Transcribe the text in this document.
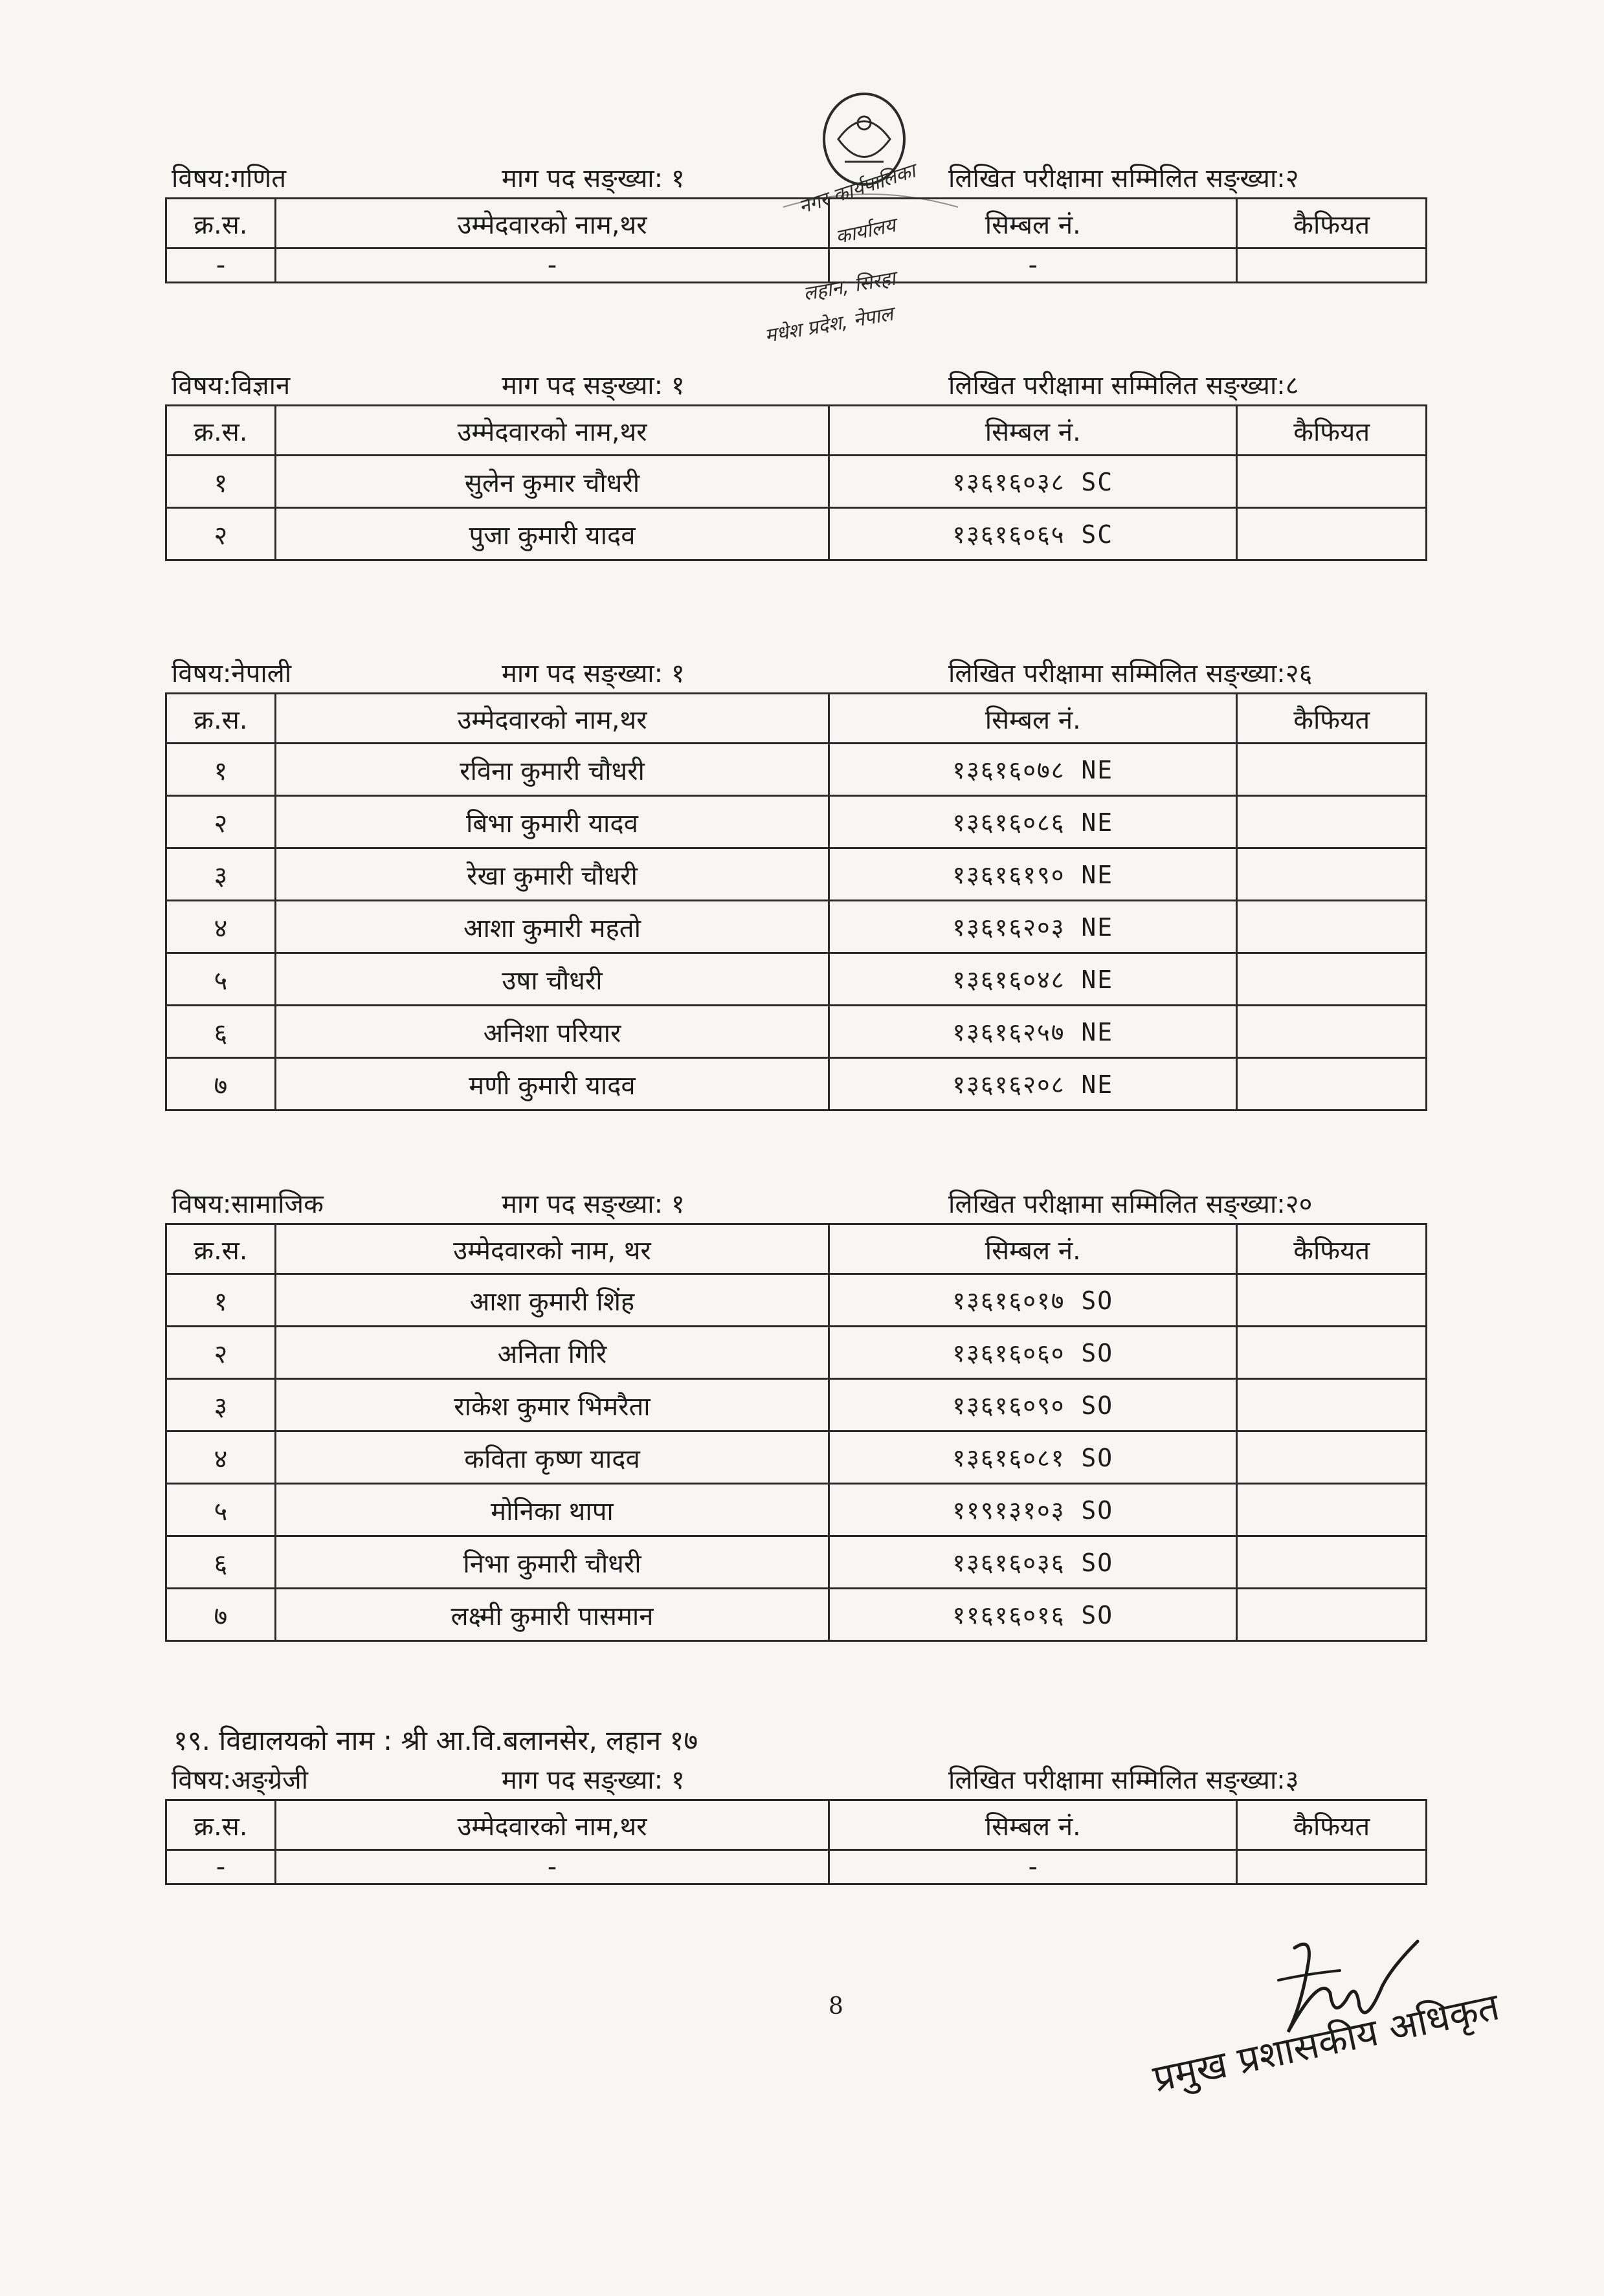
नगर कार्यपालिका
कार्यालय
लहान, सिरहा
मधेश प्रदेश, नेपाल
विषय:गणित	माग पद सङ्ख्या: १	लिखित परीक्षामा सम्मिलित सङ्ख्या:२
क्र.स.	उम्मेदवारको नाम,थर	सिम्बल नं.	कैफियत
-	-	-	
विषय:विज्ञान	माग पद सङ्ख्या: १	लिखित परीक्षामा सम्मिलित सङ्ख्या:८
क्र.स.	उम्मेदवारको नाम,थर	सिम्बल नं.	कैफियत
१	सुलेन कुमार चौधरी	१३६१६०३८ SC	
२	पुजा कुमारी यादव	१३६१६०६५ SC	
विषय:नेपाली	माग पद सङ्ख्या: १	लिखित परीक्षामा सम्मिलित सङ्ख्या:२६
क्र.स.	उम्मेदवारको नाम,थर	सिम्बल नं.	कैफियत
१	रविना कुमारी चौधरी	१३६१६०७८ NE	
२	बिभा कुमारी यादव	१३६१६०८६ NE	
३	रेखा कुमारी चौधरी	१३६१६१९० NE	
४	आशा कुमारी महतो	१३६१६२०३ NE	
५	उषा चौधरी	१३६१६०४८ NE	
६	अनिशा परियार	१३६१६२५७ NE	
७	मणी कुमारी यादव	१३६१६२०८ NE	
विषय:सामाजिक	माग पद सङ्ख्या: १	लिखित परीक्षामा सम्मिलित सङ्ख्या:२०
क्र.स.	उम्मेदवारको नाम, थर	सिम्बल नं.	कैफियत
१	आशा कुमारी शिंह	१३६१६०१७ SO	
२	अनिता गिरि	१३६१६०६० SO	
३	राकेश कुमार भिमरैता	१३६१६०९० SO	
४	कविता कृष्ण यादव	१३६१६०८१ SO	
५	मोनिका थापा	११९१३१०३ SO	
६	निभा कुमारी चौधरी	१३६१६०३६ SO	
७	लक्ष्मी कुमारी पासमान	११६१६०१६ SO	
१९. विद्यालयको नाम : श्री आ.वि.बलानसेर, लहान १७
विषय:अङ्ग्रेजी	माग पद सङ्ख्या: १	लिखित परीक्षामा सम्मिलित सङ्ख्या:३
क्र.स.	उम्मेदवारको नाम,थर	सिम्बल नं.	कैफियत
-	-	-	
8	प्रमुख प्रशासकीय अधिकृत
